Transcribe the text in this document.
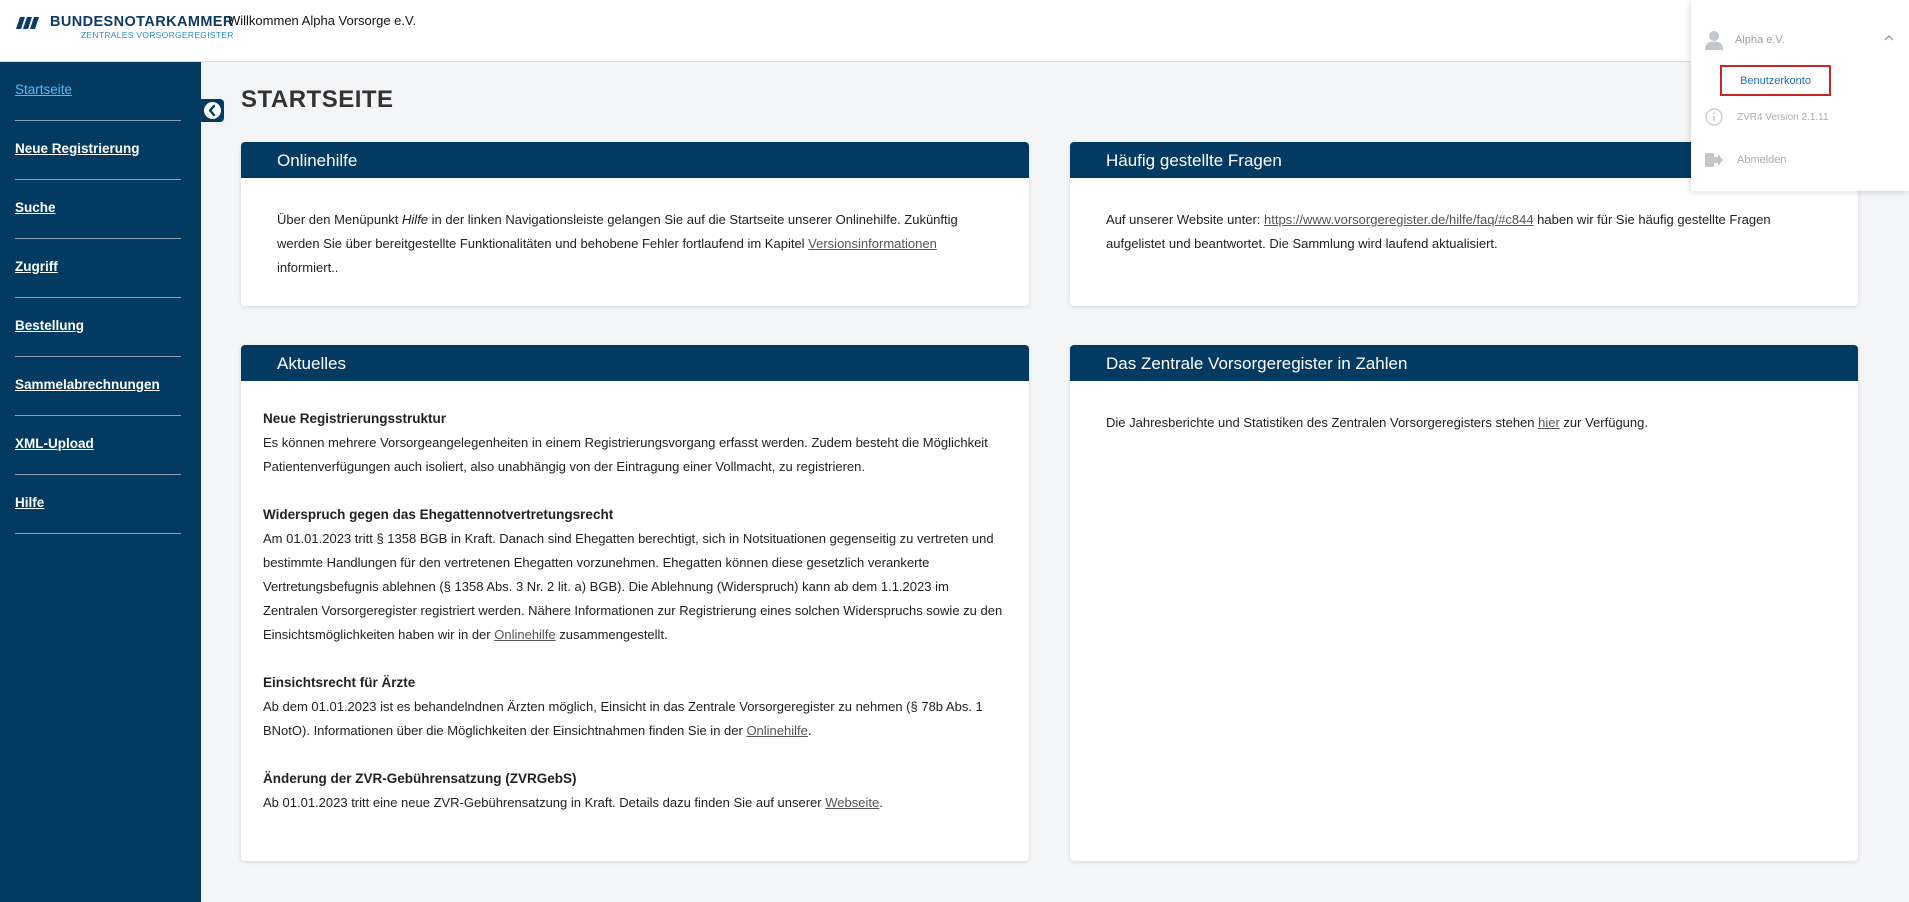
BUNDESNOTARKAMMER
ZENTRALES VORSORGEREGISTER
Willkommen Alpha Vorsorge e.V.
Startseite
Neue Registrierung
Suche
Zugriff
Bestellung
Sammelabrechnungen
XML-Upload
Hilfe
STARTSEITE
Onlinehilfe
Über den Menüpunkt Hilfe in der linken Navigationsleiste gelangen Sie auf die Startseite unserer Onlinehilfe. Zukünftig werden Sie über bereitgestellte Funktionalitäten und behobene Fehler fortlaufend im Kapitel Versionsinformationen informiert..
Häufig gestellte Fragen
Auf unserer Website unter: https://www.vorsorgeregister.de/hilfe/faq/#c844 haben wir für Sie häufig gestellte Fragen aufgelistet und beantwortet. Die Sammlung wird laufend aktualisiert.
Aktuelles
Neue Registrierungsstruktur
Es können mehrere Vorsorgeangelegenheiten in einem Registrierungsvorgang erfasst werden. Zudem besteht die Möglichkeit Patientenverfügungen auch isoliert, also unabhängig von der Eintragung einer Vollmacht, zu registrieren.
Widerspruch gegen das Ehegattennotvertretungsrecht
Am 01.01.2023 tritt § 1358 BGB in Kraft. Danach sind Ehegatten berechtigt, sich in Notsituationen gegenseitig zu vertreten und bestimmte Handlungen für den vertretenen Ehegatten vorzunehmen. Ehegatten können diese gesetzlich verankerte Vertretungsbefugnis ablehnen (§ 1358 Abs. 3 Nr. 2 lit. a) BGB). Die Ablehnung (Widerspruch) kann ab dem 1.1.2023 im Zentralen Vorsorgeregister registriert werden. Nähere Informationen zur Registrierung eines solchen Widerspruchs sowie zu den Einsichtsmöglichkeiten haben wir in der Onlinehilfe zusammengestellt.
Einsichtsrecht für Ärzte
Ab dem 01.01.2023 ist es behandelndnen Ärzten möglich, Einsicht in das Zentrale Vorsorgeregister zu nehmen (§ 78b Abs. 1 BNotO). Informationen über die Möglichkeiten der Einsichtnahmen finden Sie in der Onlinehilfe.
Änderung der ZVR-Gebührensatzung (ZVRGebS)
Ab 01.01.2023 tritt eine neue ZVR-Gebührensatzung in Kraft. Details dazu finden Sie auf unserer Webseite.
Das Zentrale Vorsorgeregister in Zahlen
Die Jahresberichte und Statistiken des Zentralen Vorsorgeregisters stehen hier zur Verfügung.
Alpha e.V.
Benutzerkonto
ZVR4 Version 2.1.11
Abmelden
